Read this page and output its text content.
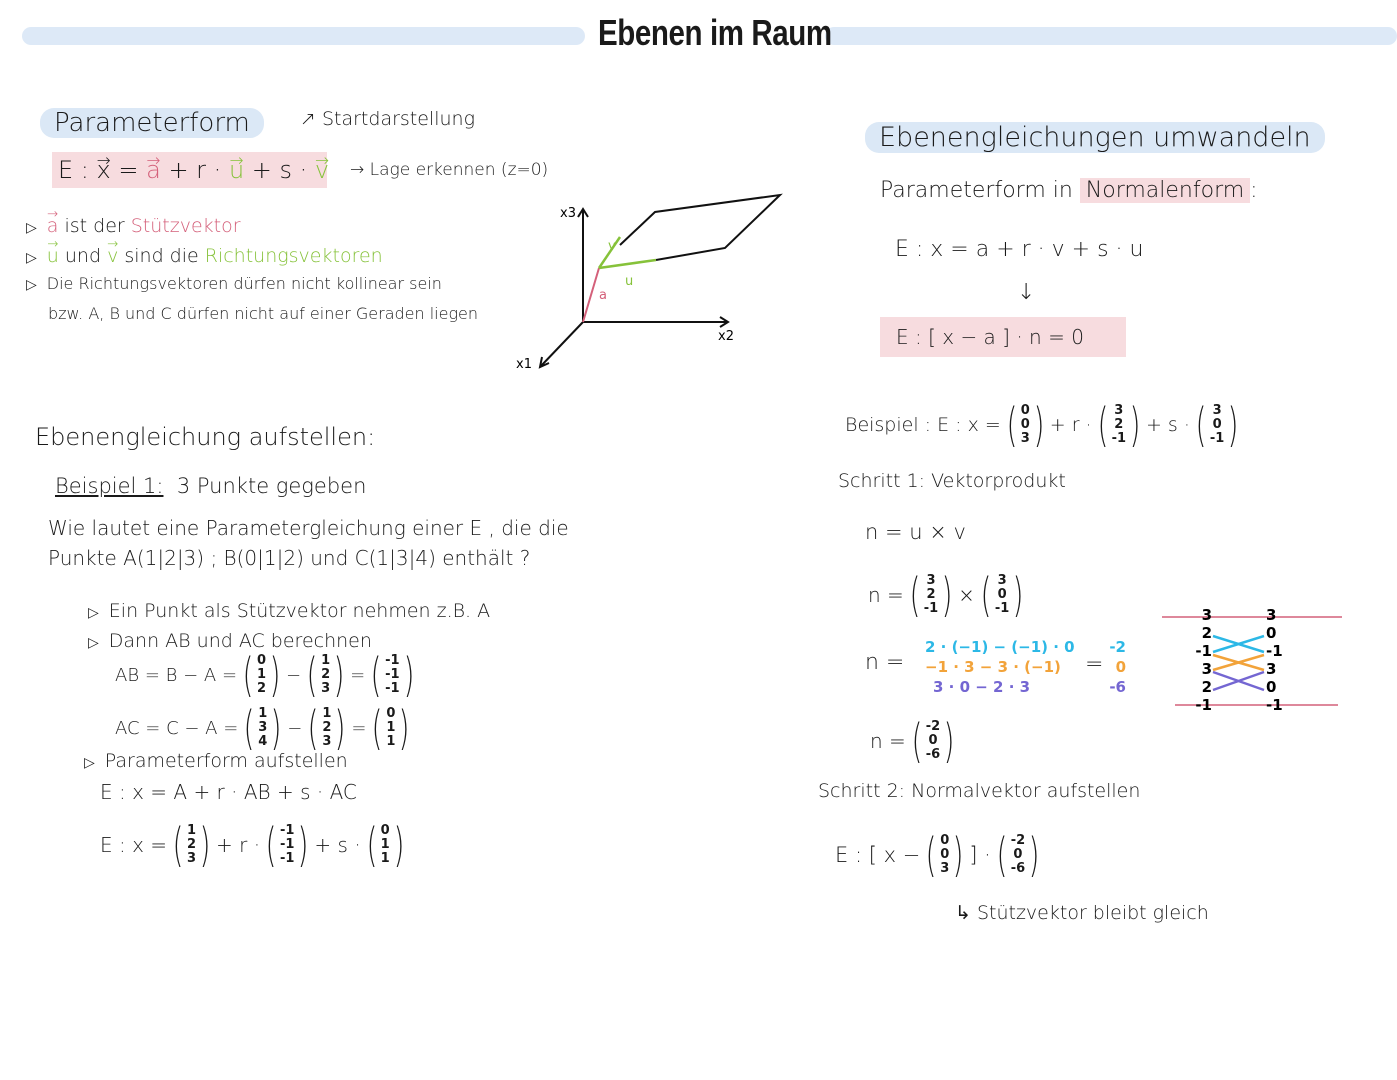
Ebenen im Raum
Parameterform	↗ Startdarstellung
E : → x = → a + r · → u + s · → v → Lage erkennen (z=0)
▷ → a ist der Stützvektor
▷ → u und → v sind die Richtungsvektoren
▷ Die Richtungsvektoren dürfen nicht kollinear sein
bzw. A, B und C dürfen nicht auf einer Geraden liegen
x3
x2
x1
a
u
v
Ebenengleichung aufstellen:
Beispiel 1: 3 Punkte gegeben
Wie lautet eine Parametergleichung einer E , die die
Punkte A(1|2|3) ; B(0|1|2) und C(1|3|4) enthält ?
▷ Ein Punkt als Stützvektor nehmen z.B. A
▷ Dann AB und AC berechnen
AB = B − A = ( 0
1
2 ) − ( 1
2
3 ) = ( -1
-1
-1 )
AC = C − A = ( 1
3
4 ) − ( 1
2
3 ) = ( 0
1
1 )
▷ Parameterform aufstellen
E : x = A + r · AB + s · AC
E : x = ( 1
2
3 ) + r · ( -1
-1
-1 ) + s · ( 0
1
1 )
Ebenengleichungen umwandeln
Parameterform in Normalenform :
E : x = a + r · v + s · u
↓
E : [ x − a ] · n = 0
Beispiel : E : x = ( 0
0
3 ) + r · ( 3
2
-1 ) + s · ( 3
0
-1 )
Schritt 1: Vektorprodukt
n = u × v
n = ( 3
2
-1 ) × ( 3
0
-1 )
n =
2 · (−1) − (−1) · 0
−1 · 3 − 3 · (−1)
3 · 0 − 2 · 3
=
-2
0
-6
3
2
-1
3
2
-1
3
0
-1
3
0
-1
n = ( -2
0
-6 )
Schritt 2: Normalvektor aufstellen
E : [ x − ( 0
0
3 ) ] · ( -2
0
-6 )
↳ Stützvektor bleibt gleich
